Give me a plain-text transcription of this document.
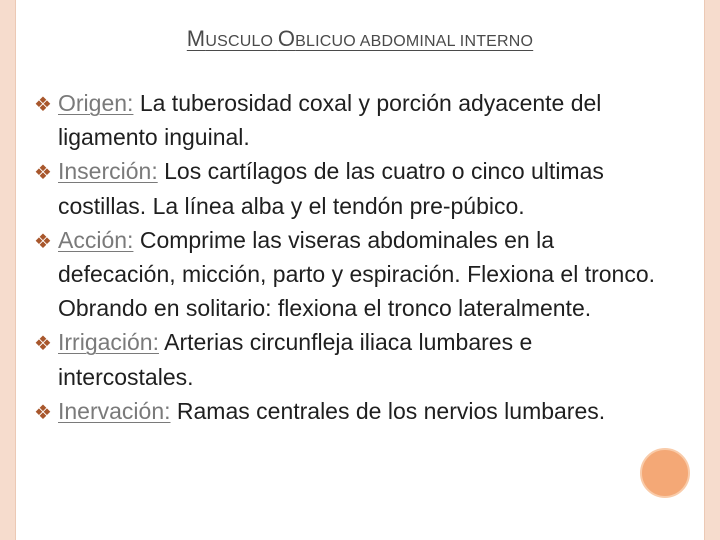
MUSCULO OBLICUO ABDOMINAL INTERNO
❖ Origen: La tuberosidad coxal y porción adyacente del ligamento inguinal.
❖ Inserción: Los cartílagos de las cuatro o cinco ultimas costillas. La línea alba y el tendón pre-púbico.
❖ Acción: Comprime las viseras abdominales en la defecación, micción, parto y espiración. Flexiona el tronco. Obrando en solitario: flexiona el tronco lateralmente.
❖ Irrigación: Arterias circunfleja iliaca lumbares e intercostales.
❖ Inervación: Ramas centrales de los nervios lumbares.
